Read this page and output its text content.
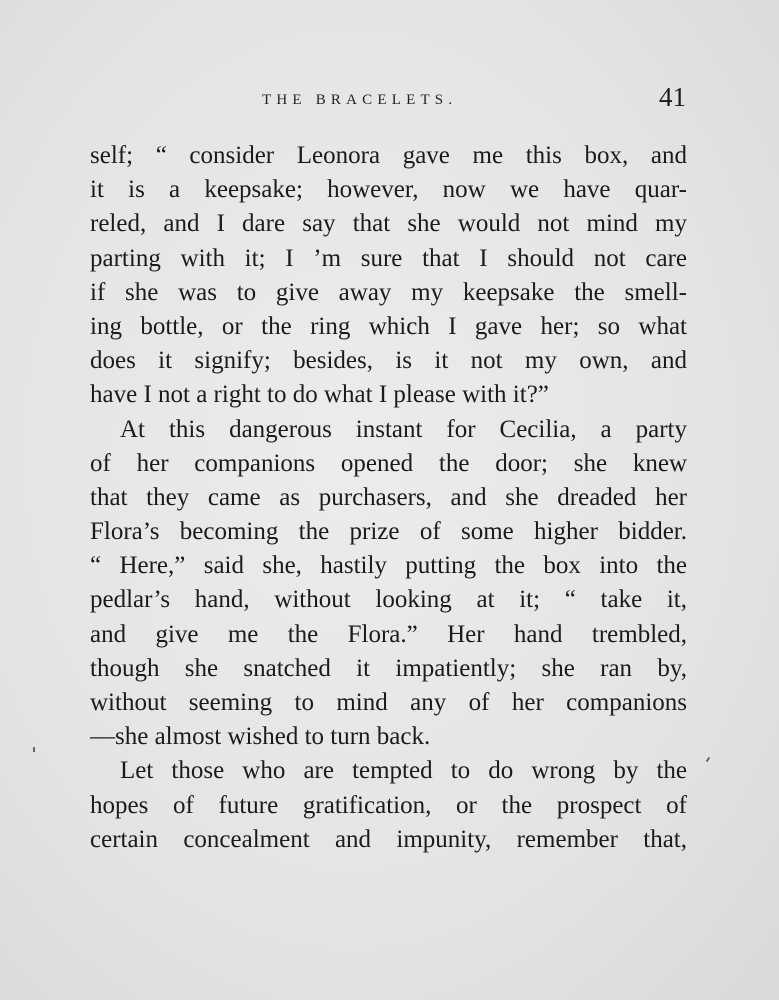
THE BRACELETS.	41
self; “ consider Leonora gave me this box, and
it is a keepsake; however, now we have quar-
reled, and I dare say that she would not mind my
parting with it; I ’m sure that I should not care
if she was to give away my keepsake the smell-
ing bottle, or the ring which I gave her; so what
does it signify; besides, is it not my own, and
have I not a right to do what I please with it?”
At this dangerous instant for Cecilia, a party
of her companions opened the door; she knew
that they came as purchasers, and she dreaded her
Flora’s becoming the prize of some higher bidder.
“ Here,” said she, hastily putting the box into the
pedlar’s hand, without looking at it; “ take it,
and give me the Flora.” Her hand trembled,
though she snatched it impatiently; she ran by,
without seeming to mind any of her companions
—she almost wished to turn back.
Let those who are tempted to do wrong by the
hopes of future gratification, or the prospect of
certain concealment and impunity, remember that,
